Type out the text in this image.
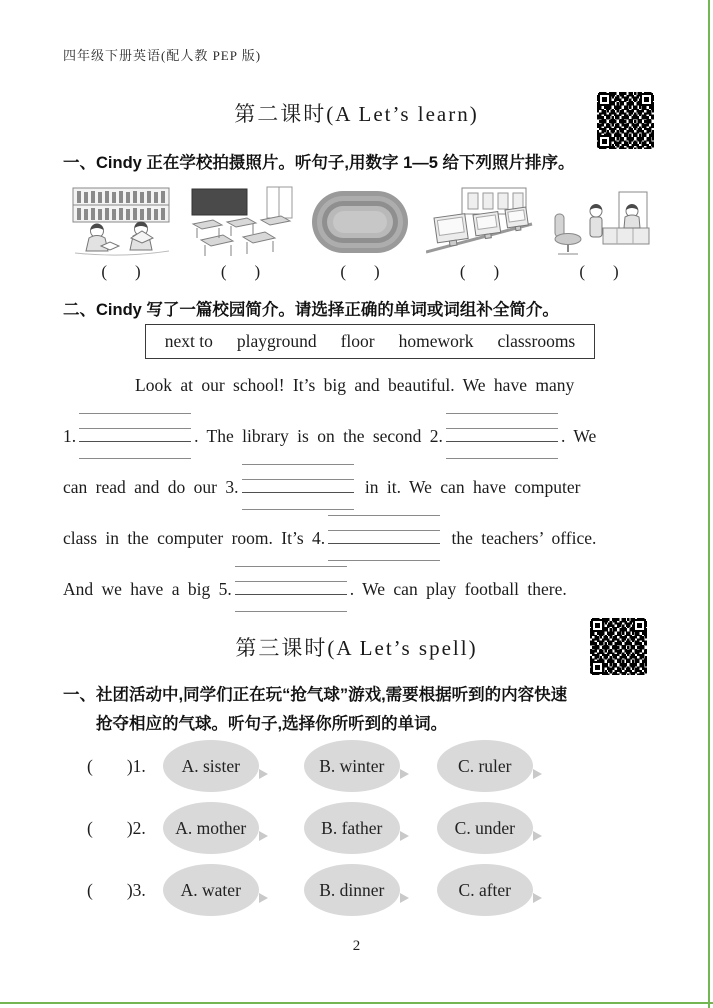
四年级下册英语(配人教 PEP 版)
第二课时(A Let’s learn)
一、Cindy 正在学校拍摄照片。听句子,用数字 1—5 给下列照片排序。
( )	( )	( )	( )	( )
二、Cindy 写了一篇校园简介。请选择正确的单词或词组补全简介。
next to playground floor homework classrooms
Look at our school! It’s big and beautiful. We have many
1.	. The library is on the second 2.	. We
can read and do our 3.	in it. We can have computer
class in the computer room. It’s 4.	the teachers’ office.
And we have a big 5.	. We can play football there.
第三课时(A Let’s spell)
一、社团活动中,同学们正在玩“抢气球”游戏,需要根据听到的内容快速
抢夺相应的气球。听句子,选择你所听到的单词。
( )1. A. sister	B. winter	C. ruler
( )2. A. mother	B. father	C. under
( )3. A. water	B. dinner	C. after
2
